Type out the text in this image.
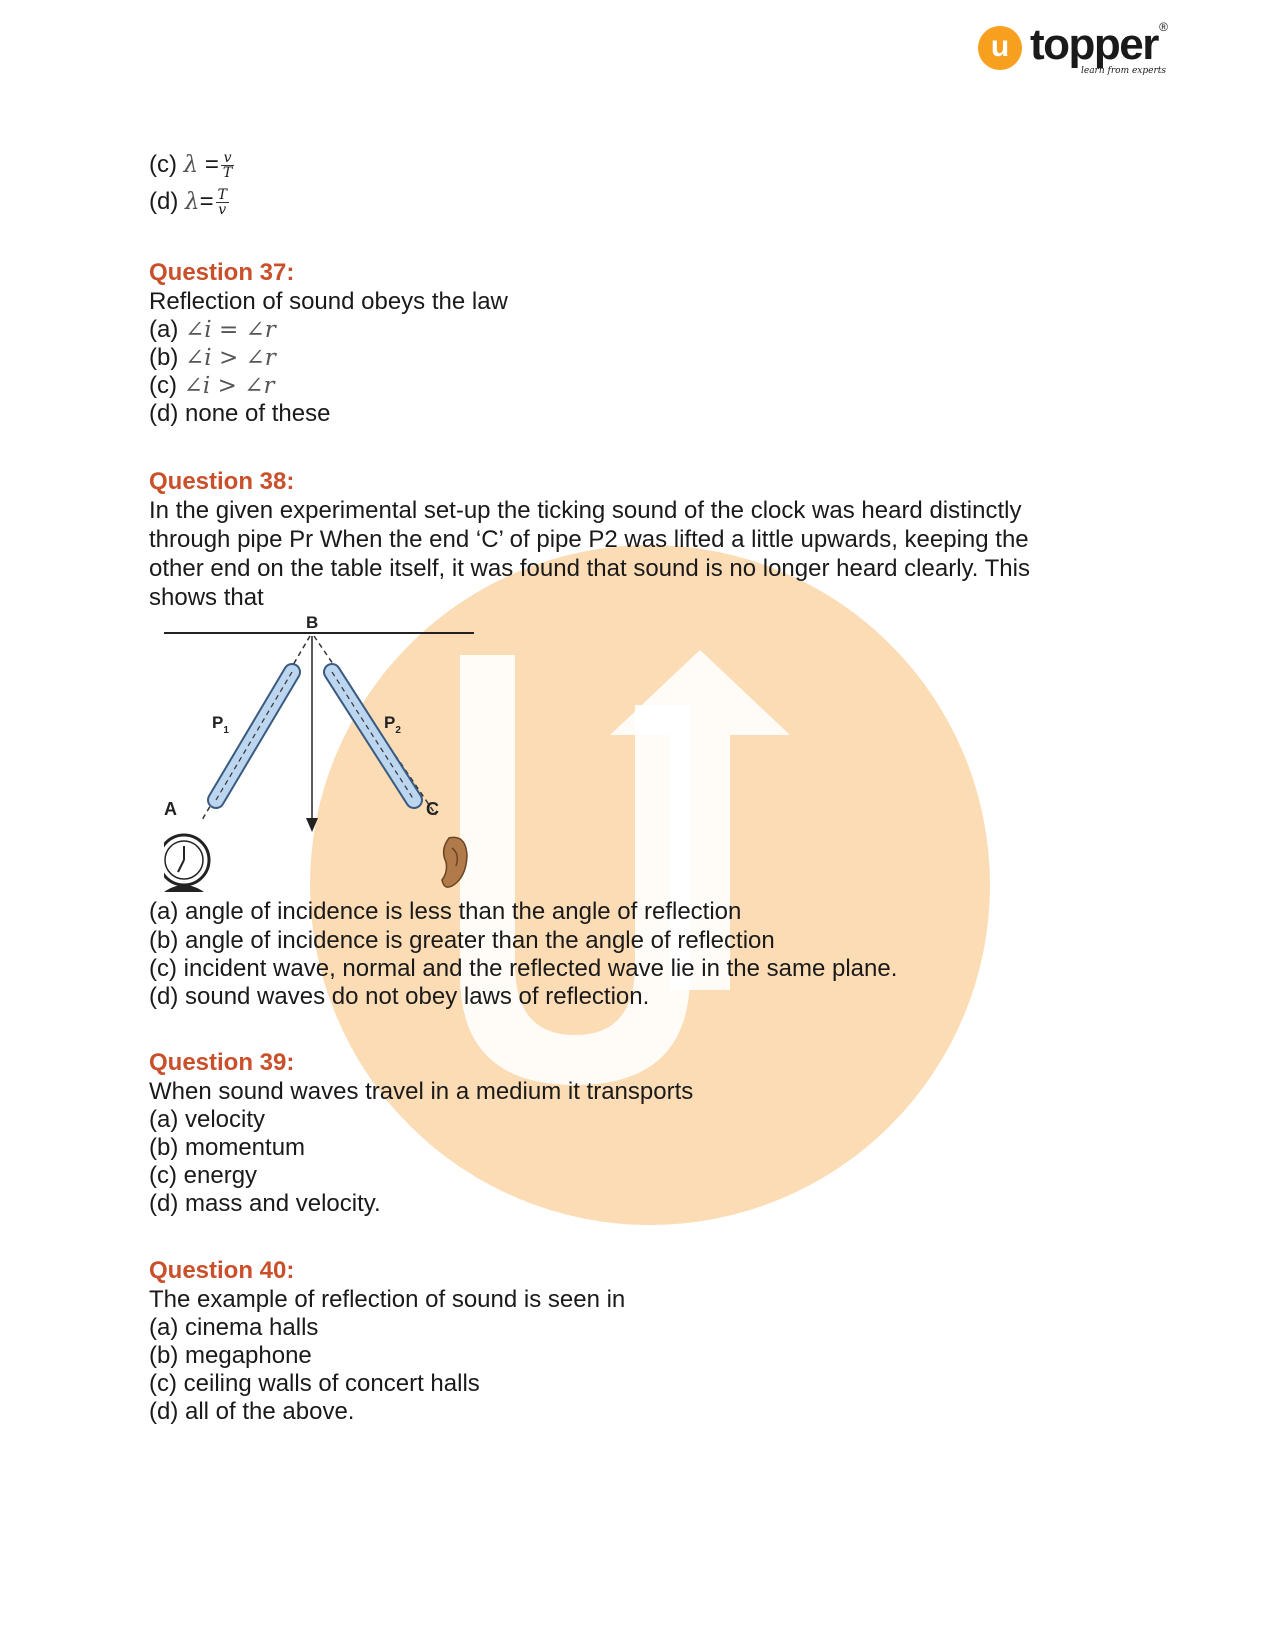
u topper ®
learn from experts
(c) $\lambda = \frac{v}{T}$
(d) $\lambda= \frac{T}{v}$
Question 37:
Reflection of sound obeys the law
(a) ∠i = ∠r
(b) ∠i > ∠r
(c) ∠i > ∠r
(d) none of these
Question 38:
In the given experimental set-up the ticking sound of the clock was heard distinctly through pipe Pr When the end ‘C’ of pipe P2 was lifted a little upwards, keeping the other end on the table itself, it was found that sound is no longer heard clearly. This shows that
B
$P_1$	$P_2$
A	C
(a) angle of incidence is less than the angle of reflection
(b) angle of incidence is greater than the angle of reflection
(c) incident wave, normal and the reflected wave lie in the same plane.
(d) sound waves do not obey laws of reflection.
Question 39:
When sound waves travel in a medium it transports
(a) velocity
(b) momentum
(c) energy
(d) mass and velocity.
Question 40:
The example of reflection of sound is seen in
(a) cinema halls
(b) megaphone
(c) ceiling walls of concert halls
(d) all of the above.
